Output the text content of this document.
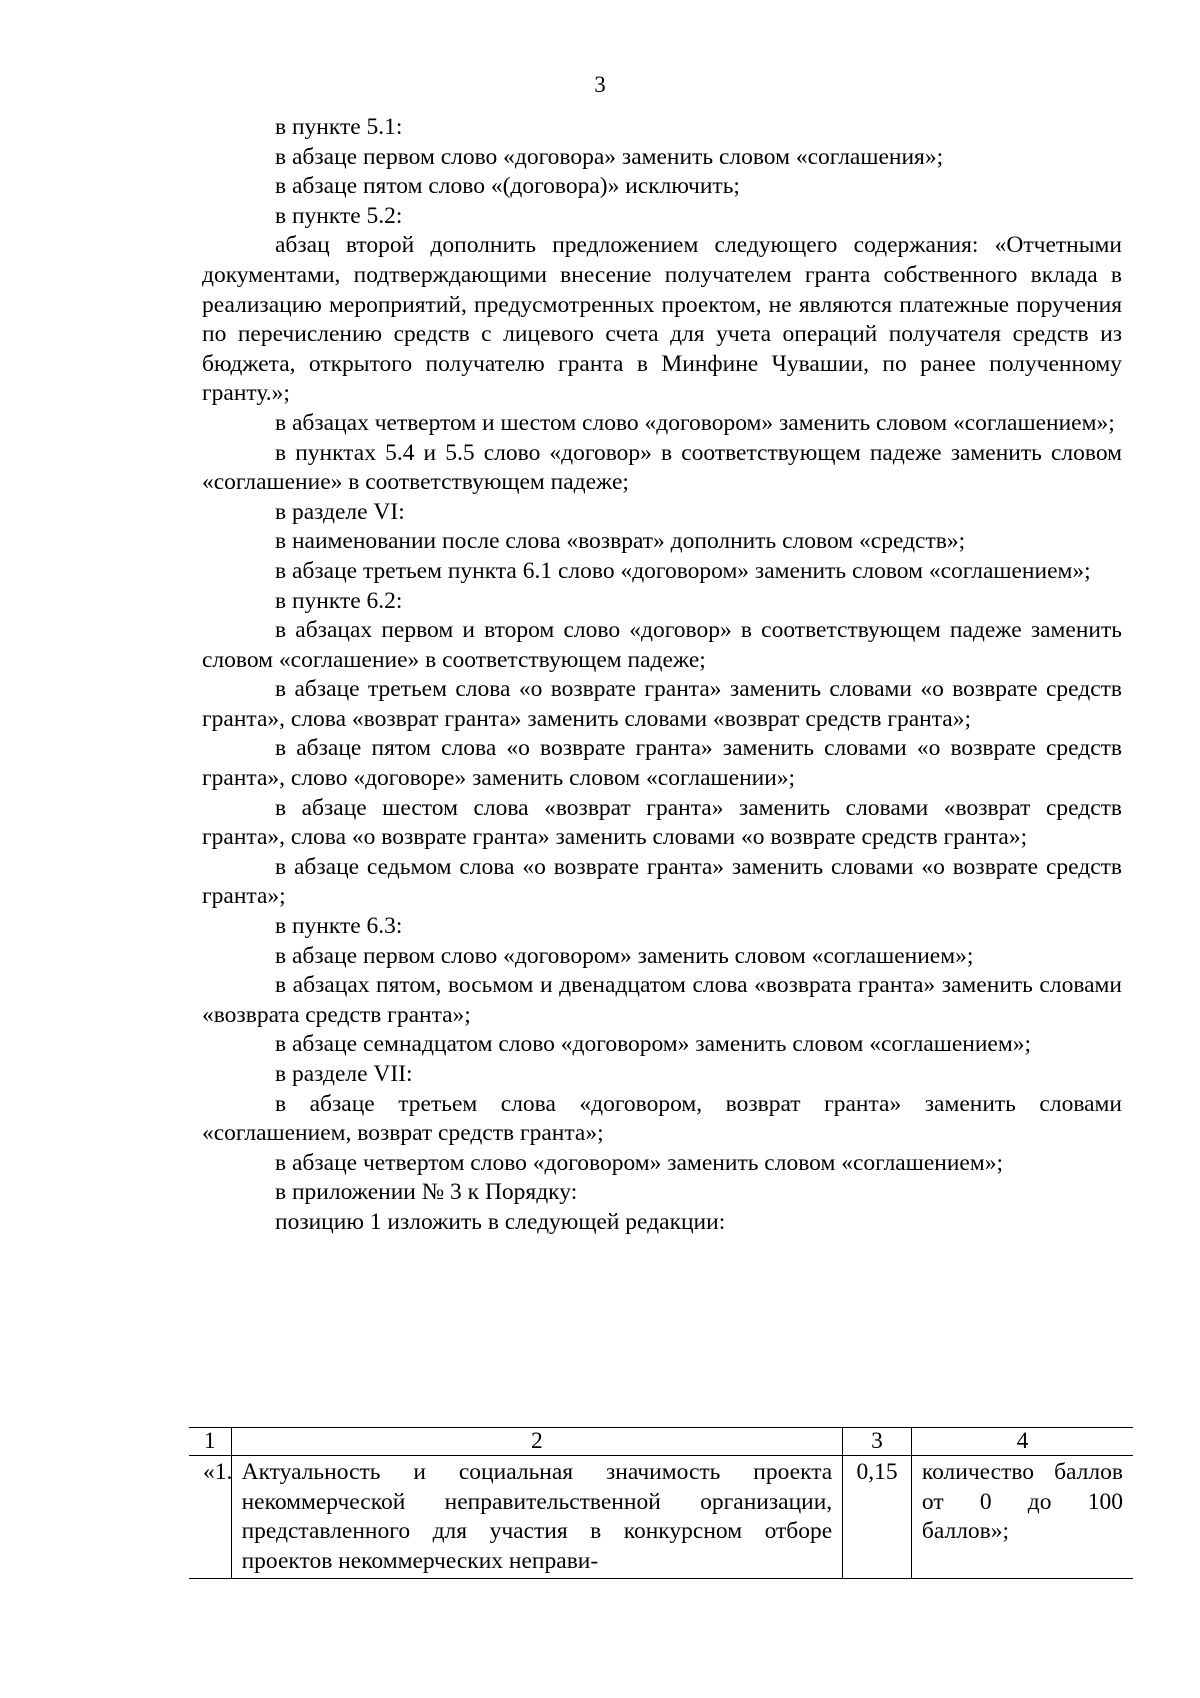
3

в пункте 5.1:

в абзаце первом слово «договора» заменить словом «соглашения»;

в абзаце пятом слово «(договора)» исключить;

в пункте 5.2:

абзац второй дополнить предложением следующего содержания: «Отчетными документами, подтверждающими внесение получателем гранта собственного вклада в реализацию мероприятий, предусмотренных проектом, не являются платежные поручения по перечислению средств с лицевого счета для учета операций получателя средств из бюджета, открытого получателю гранта в Минфине Чувашии, по ранее полученному гранту.»;

в абзацах четвертом и шестом слово «договором» заменить словом «соглашением»;

в пунктах 5.4 и 5.5 слово «договор» в соответствующем падеже заменить словом «соглашение» в соответствующем падеже;

в разделе VI:

в наименовании после слова «возврат» дополнить словом «средств»;

в абзаце третьем пункта 6.1 слово «договором» заменить словом «соглашением»;

в пункте 6.2:

в абзацах первом и втором слово «договор» в соответствующем падеже заменить словом «соглашение» в соответствующем падеже;

в абзаце третьем слова «о возврате гранта» заменить словами «о возврате средств гранта», слова «возврат гранта» заменить словами «возврат средств гранта»;

в абзаце пятом слова «о возврате гранта» заменить словами «о возврате средств гранта», слово «договоре» заменить словом «соглашении»;

в абзаце шестом слова «возврат гранта» заменить словами «возврат средств гранта», слова «о возврате гранта» заменить словами «о возврате средств гранта»;

в абзаце седьмом слова «о возврате гранта» заменить словами «о возврате средств гранта»;

в пункте 6.3:

в абзаце первом слово «договором» заменить словом «соглашением»;

в абзацах пятом, восьмом и двенадцатом слова «возврата гранта» заменить словами «возврата средств гранта»;

в абзаце семнадцатом слово «договором» заменить словом «соглашением»;

в разделе VII:

в абзаце третьем слова «договором, возврат гранта» заменить словами «соглашением, возврат средств гранта»;

в абзаце четвертом слово «договором» заменить словом «соглашением»;

в приложении № 3 к Порядку:

позицию 1 изложить в следующей редакции:

1	2	3	4
«1.	Актуальность и социальная значимость проекта некоммерческой неправительственной организации, представленного для участия в конкурсном отборе проектов некоммерческих неправи-	0,15	количество баллов от 0 до 100 баллов»;
